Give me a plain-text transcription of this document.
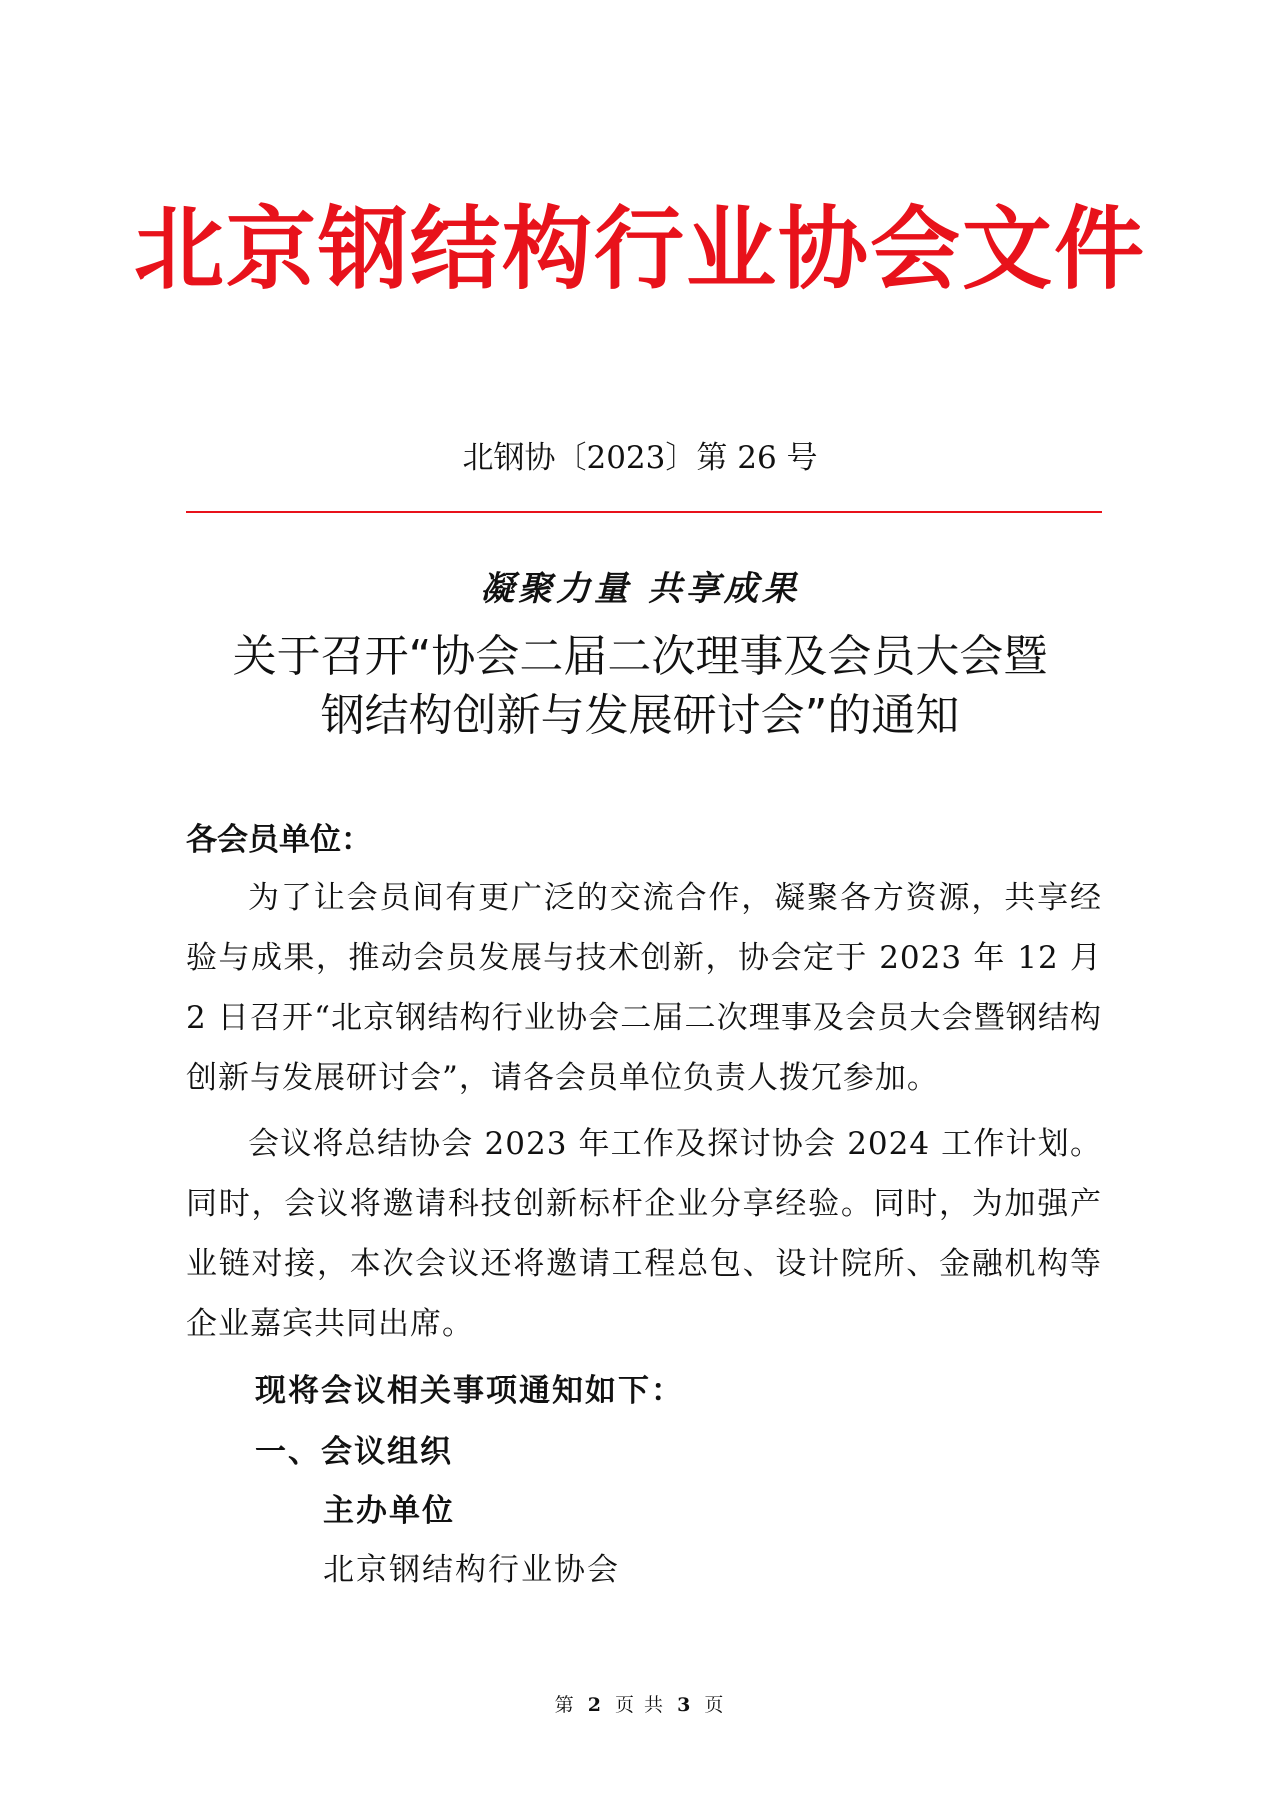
北京钢结构行业协会文件
北钢协〔2023〕第 26 号
凝聚力量 共享成果
关于召开“协会二届二次理事及会员大会暨
钢结构创新与发展研讨会”的通知
各会员单位：
为了让会员间有更广泛的交流合作，凝聚各方资源，共享经验与成果，推动会员发展与技术创新，协会定于 2023 年 12 月 2 日召开“北京钢结构行业协会二届二次理事及会员大会暨钢结构创新与发展研讨会”，请各会员单位负责人拨冗参加。
会议将总结协会 2023 年工作及探讨协会 2024 工作计划。同时，会议将邀请科技创新标杆企业分享经验。同时，为加强产业链对接，本次会议还将邀请工程总包、设计院所、金融机构等企业嘉宾共同出席。
现将会议相关事项通知如下：
一、会议组织
主办单位
北京钢结构行业协会
第 2 页 共 3 页
